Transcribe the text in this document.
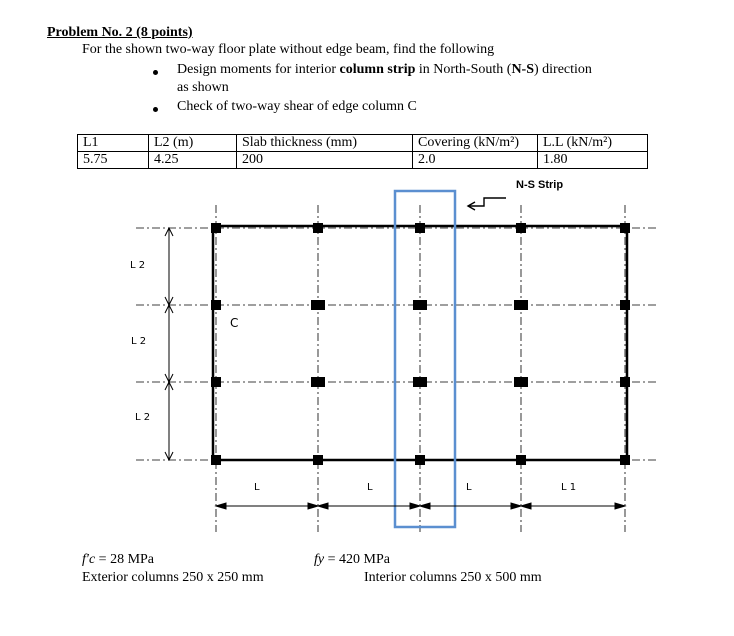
Problem No. 2 (8 points)
For the shown two-way floor plate without edge beam, find the following
Design moments for interior column strip in North-South (N-S) direction
as shown
Check of two-way shear of edge column C
L1	L2 (m)	Slab thickness (mm)	Covering (kN/m²)	L.L (kN/m²)
5.75	4.25	200	2.0	1.80
N-S Strip
C
L 2
L 2
L 2
L	L	L	L 1
f′c = 28 MPa
Exterior columns 250 x 250 mm
fy = 420 MPa
Interior columns 250 x 500 mm
